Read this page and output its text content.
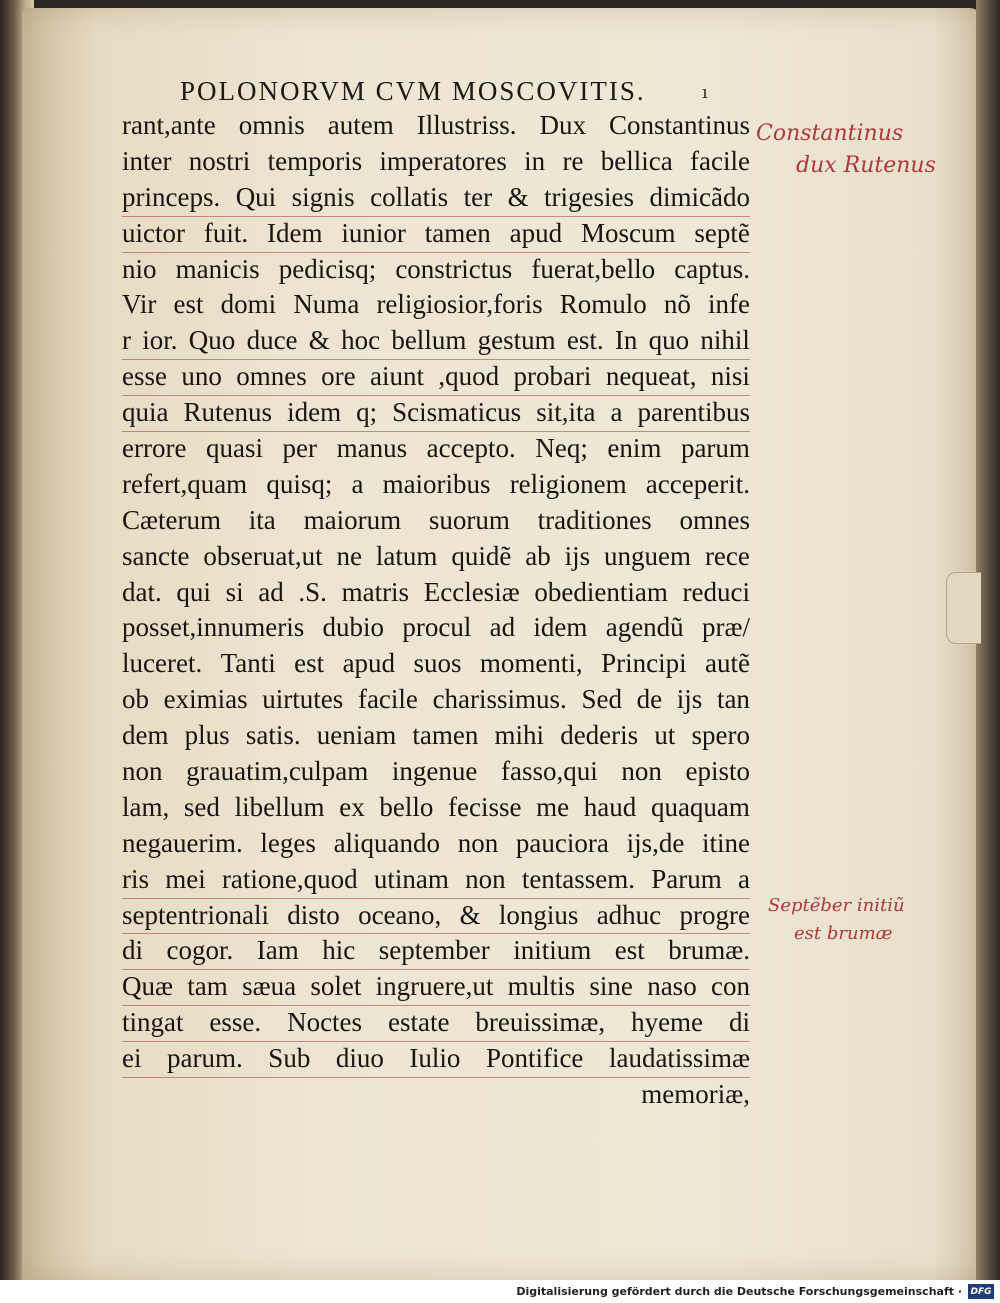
POLONORVM CVM MOSCOVITIS.	ı
rant,ante omnis autem Illustriss. Dux Constantinus
inter nostri temporis imperatores in re bellica facile
princeps. Qui signis collatis ter & trigesies dimicãdo
uictor fuit. Idem iunior tamen apud Moscum septẽ
nio manicis pedicisq; constrictus fuerat,bello captus.
Vir est domi Numa religiosior,foris Romulo nõ infe
r ior. Quo duce & hoc bellum gestum est. In quo nihil
esse uno omnes ore aiunt ,quod probari nequeat, nisi
quia Rutenus idem q; Scismaticus sit,ita a parentibus
errore quasi per manus accepto. Neq; enim parum
refert,quam quisq; a maioribus religionem acceperit.
Cæterum ita maiorum suorum traditiones omnes
sancte obseruat,ut ne latum quidẽ ab ijs unguem rece
dat. qui si ad .S. matris Ecclesiæ obedientiam reduci
posset,innumeris dubio procul ad idem agendũ præ/
luceret. Tanti est apud suos momenti, Principi autẽ
ob eximias uirtutes facile charissimus. Sed de ijs tan
dem plus satis. ueniam tamen mihi dederis ut spero
non grauatim,culpam ingenue fasso,qui non episto
lam, sed libellum ex bello fecisse me haud quaquam
negauerim. leges aliquando non pauciora ijs,de itine
ris mei ratione,quod utinam non tentassem. Parum a
septentrionali disto oceano, & longius adhuc progre
di cogor. Iam hic september initium est brumæ.
Quæ tam sæua solet ingruere,ut multis sine naso con
tingat esse. Noctes estate breuissimæ, hyeme di
ei parum. Sub diuo Iulio Pontifice laudatissimæ
memoriæ,
Constantinus
dux Rutenus
Septẽber initiũ
est brumæ
Digitalisierung gefördert durch die Deutsche Forschungsgemeinschaft · DFG
